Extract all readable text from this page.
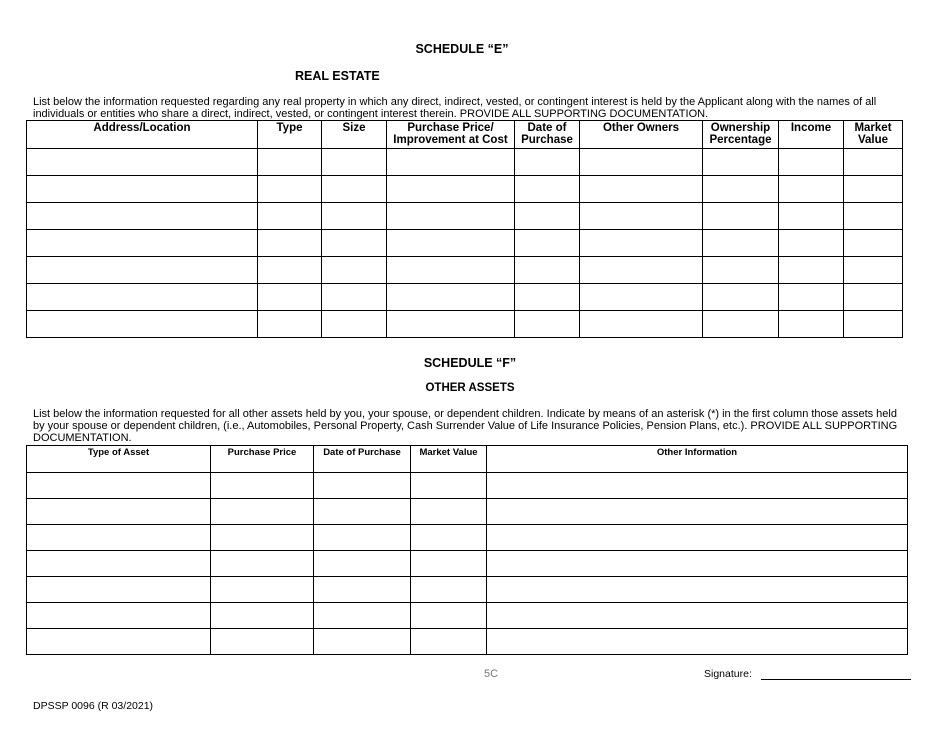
SCHEDULE “E”
REAL ESTATE
List below the information requested regarding any real property in which any direct, indirect, vested, or contingent interest is held by the Applicant along with the names of all individuals or entities who share a direct, indirect, vested, or contingent interest therein. PROVIDE ALL SUPPORTING DOCUMENTATION.
Address/Location	Type	Size	Purchase Price/ Improvement at Cost	Date of Purchase	Other Owners	Ownership Percentage	Income	Market Value

SCHEDULE “F”
OTHER ASSETS
List below the information requested for all other assets held by you, your spouse, or dependent children. Indicate by means of an asterisk (*) in the first column those assets held by your spouse or dependent children, (i.e., Automobiles, Personal Property, Cash Surrender Value of Life Insurance Policies, Pension Plans, etc.). PROVIDE ALL SUPPORTING DOCUMENTATION.
Type of Asset	Purchase Price	Date of Purchase	Market Value	Other Information

5C	Signature:
DPSSP 0096 (R 03/2021)
